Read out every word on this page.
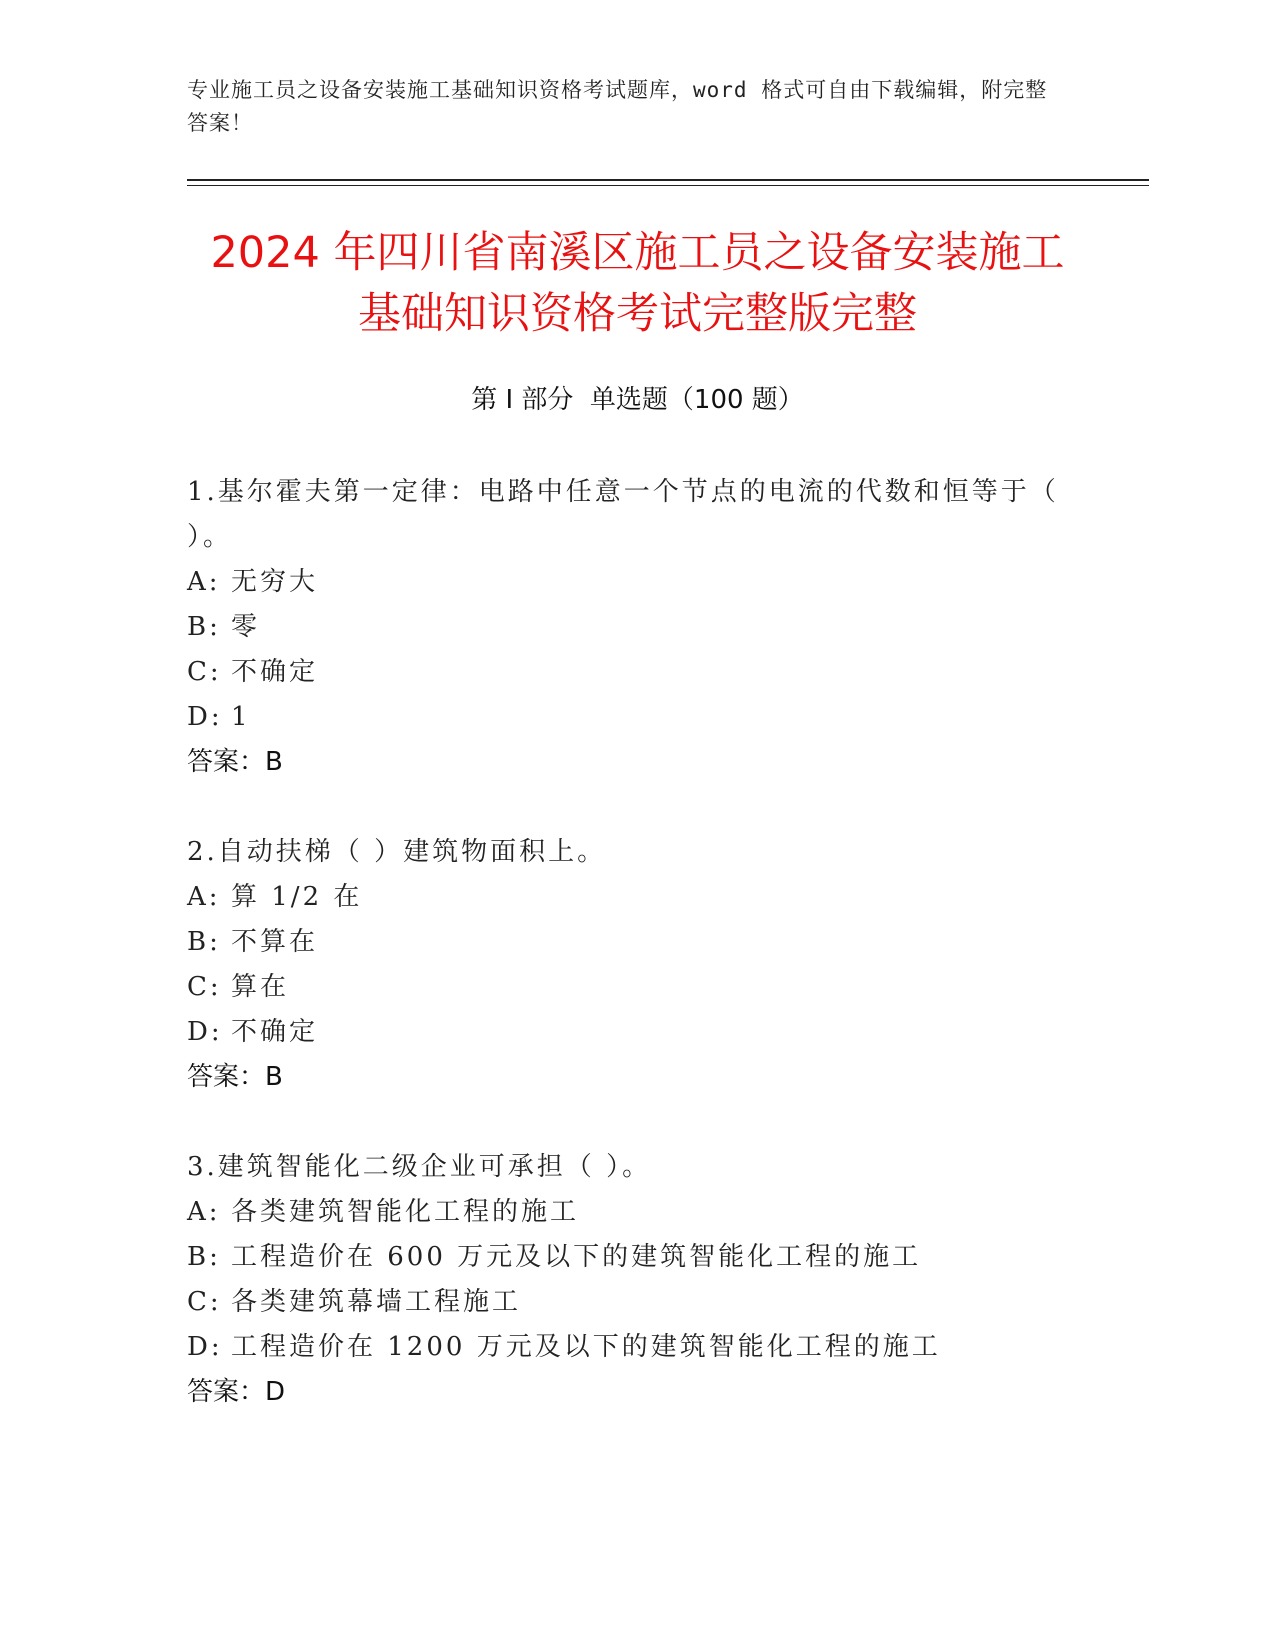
专业施工员之设备安装施工基础知识资格考试题库，word 格式可自由下载编辑，附完整答案！
2024 年四川省南溪区施工员之设备安装施工
基础知识资格考试完整版完整
第 I 部分  单选题（100 题）
1.基尔霍夫第一定律：电路中任意一个节点的电流的代数和恒等于（ ）。
A: 无穷大
B: 零
C: 不确定
D: 1
答案：B
2.自动扶梯（ ）建筑物面积上。
A: 算 1/2 在
B: 不算在
C: 算在
D: 不确定
答案：B
3.建筑智能化二级企业可承担（ ）。
A: 各类建筑智能化工程的施工
B: 工程造价在 600 万元及以下的建筑智能化工程的施工
C: 各类建筑幕墙工程施工
D: 工程造价在 1200 万元及以下的建筑智能化工程的施工
答案：D
